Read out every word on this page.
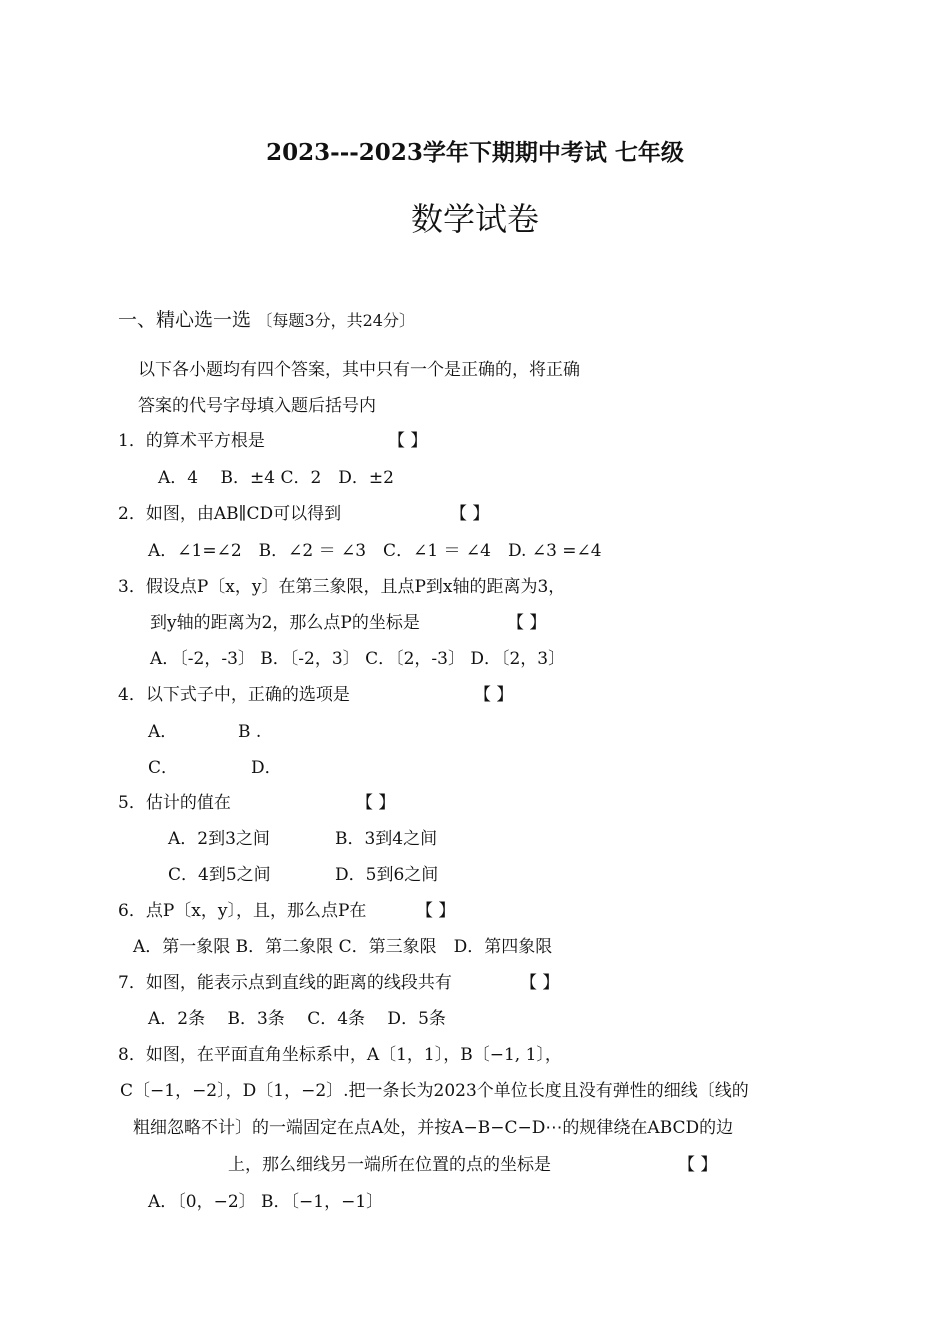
2023---2023学年下期期中考试 七年级
数学试卷
一、精心选一选 〔每题3分，共24分〕
以下各小题均有四个答案，其中只有一个是正确的，将正确
答案的代号字母填入题后括号内
1．的算术平方根是	【 】
A．4　 B．±4 C．2　D．±2
2．如图，由AB∥CD可以得到	【 】
A．∠1=∠2　B．∠2 ＝ ∠3　C．∠1 ＝ ∠4　D. ∠3 =∠4
3．假设点P〔x，y〕在第三象限，且点P到x轴的距离为3，
到y轴的距离为2，那么点P的坐标是	【 】
A．〔-2，-3〕 B．〔-2，3〕 C．〔2，-3〕 D．〔2，3〕
4．以下式子中，正确的选项是	【 】
A．	B .
C．	D．
5．估计的值在	【 】
A．2到3之间	B．3到4之间
C．4到5之间	D．5到6之间
6．点P〔x，y〕，且，那么点P在	【 】
A．第一象限 B．第二象限 C．第三象限　D．第四象限
7．如图，能表示点到直线的距离的线段共有	【 】
A．2条　 B．3条　 C．4条　 D．5条
8．如图，在平面直角坐标系中，A〔1，1〕，B〔−1, 1〕，
C〔−1，−2〕，D〔1，−2〕.把一条长为2023个单位长度且没有弹性的细线〔线的
粗细忽略不计〕的一端固定在点A处，并按A−B−C−D⋯的规律绕在ABCD的边
上，那么细线另一端所在位置的点的坐标是	【 】
A．〔0，−2〕 B．〔−1，−1〕
